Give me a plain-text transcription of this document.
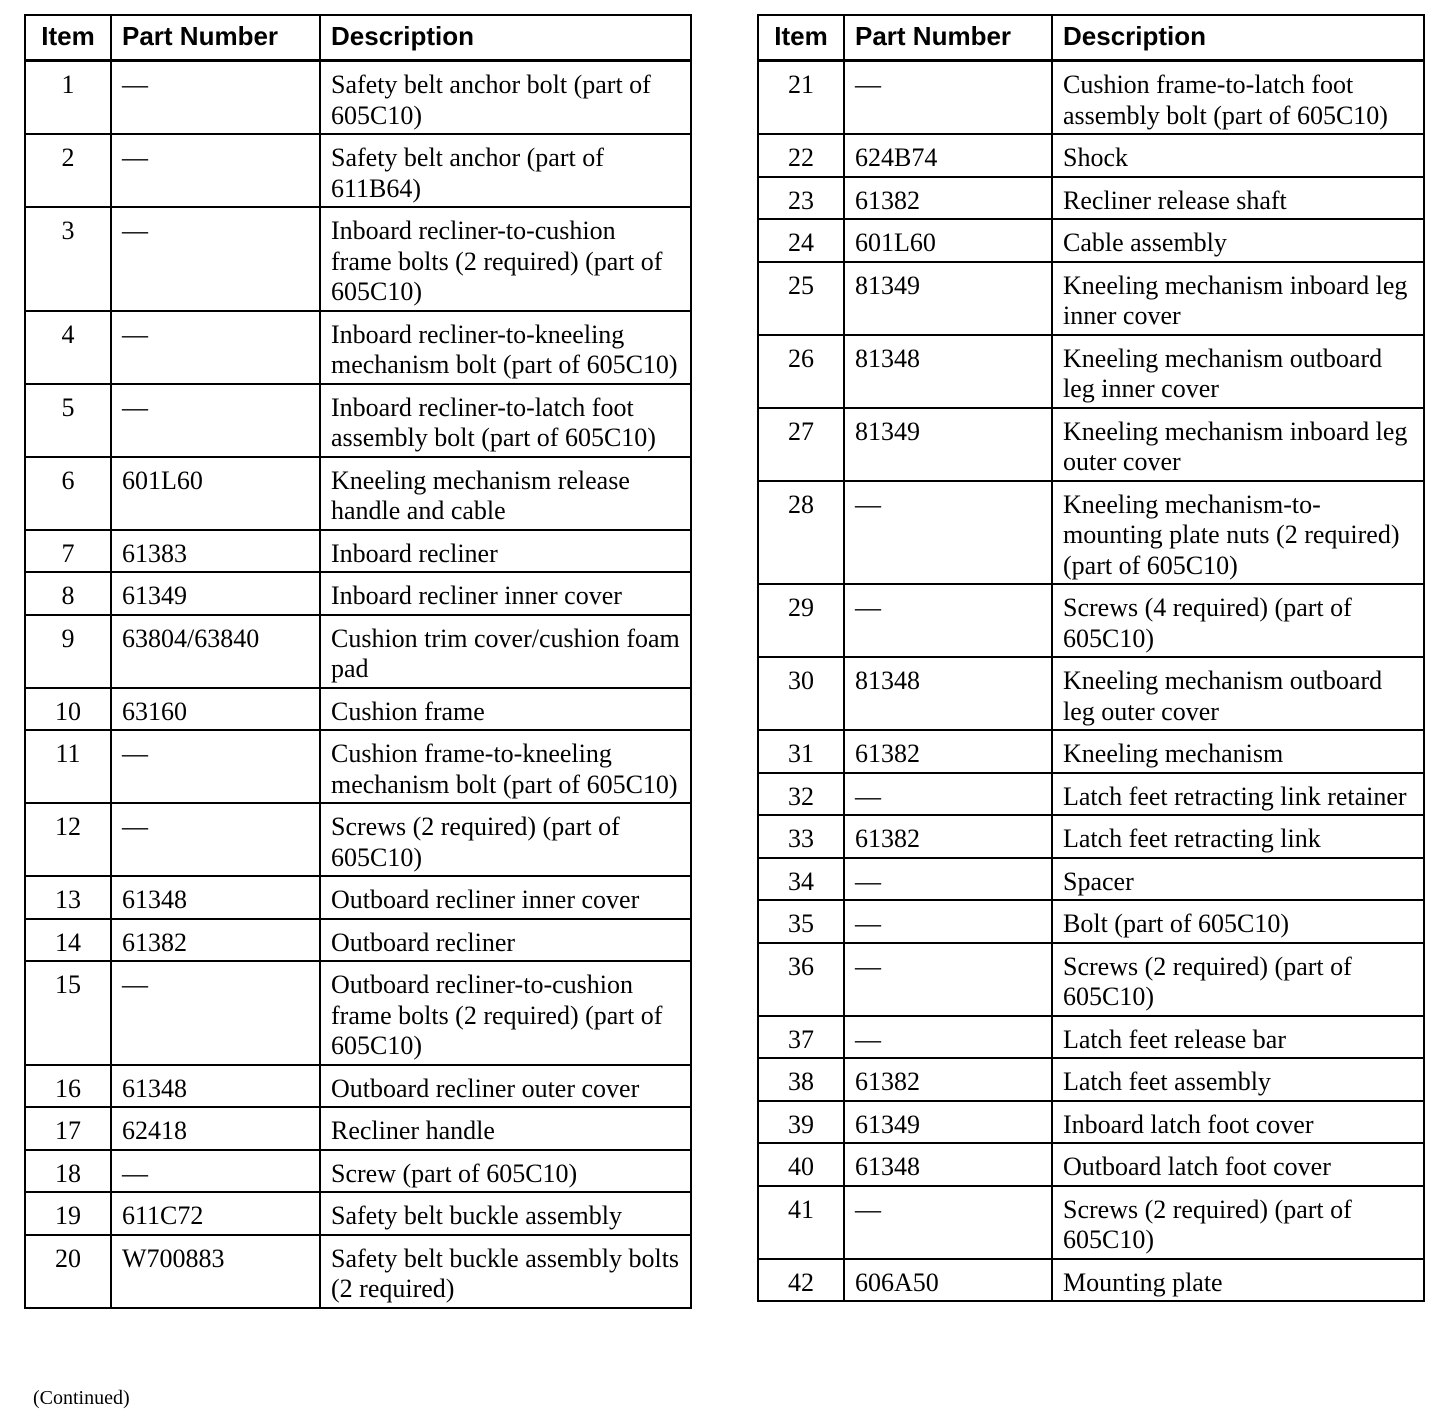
Item	Part Number	Description
1	—	Safety belt anchor bolt (part of 605C10)
2	—	Safety belt anchor (part of 611B64)
3	—	Inboard recliner-to-cushion frame bolts (2 required) (part of 605C10)
4	—	Inboard recliner-to-kneeling mechanism bolt (part of 605C10)
5	—	Inboard recliner-to-latch foot assembly bolt (part of 605C10)
6	601L60	Kneeling mechanism release handle and cable
7	61383	Inboard recliner
8	61349	Inboard recliner inner cover
9	63804/63840	Cushion trim cover/cushion foam pad
10	63160	Cushion frame
11	—	Cushion frame-to-kneeling mechanism bolt (part of 605C10)
12	—	Screws (2 required) (part of 605C10)
13	61348	Outboard recliner inner cover
14	61382	Outboard recliner
15	—	Outboard recliner-to-cushion frame bolts (2 required) (part of 605C10)
16	61348	Outboard recliner outer cover
17	62418	Recliner handle
18	—	Screw (part of 605C10)
19	611C72	Safety belt buckle assembly
20	W700883	Safety belt buckle assembly bolts (2 required)
Item	Part Number	Description
21	—	Cushion frame-to-latch foot assembly bolt (part of 605C10)
22	624B74	Shock
23	61382	Recliner release shaft
24	601L60	Cable assembly
25	81349	Kneeling mechanism inboard leg inner cover
26	81348	Kneeling mechanism outboard leg inner cover
27	81349	Kneeling mechanism inboard leg outer cover
28	—	Kneeling mechanism-to-mounting plate nuts (2 required) (part of 605C10)
29	—	Screws (4 required) (part of 605C10)
30	81348	Kneeling mechanism outboard leg outer cover
31	61382	Kneeling mechanism
32	—	Latch feet retracting link retainer
33	61382	Latch feet retracting link
34	—	Spacer
35	—	Bolt (part of 605C10)
36	—	Screws (2 required) (part of 605C10)
37	—	Latch feet release bar
38	61382	Latch feet assembly
39	61349	Inboard latch foot cover
40	61348	Outboard latch foot cover
41	—	Screws (2 required) (part of 605C10)
42	606A50	Mounting plate
(Continued)
